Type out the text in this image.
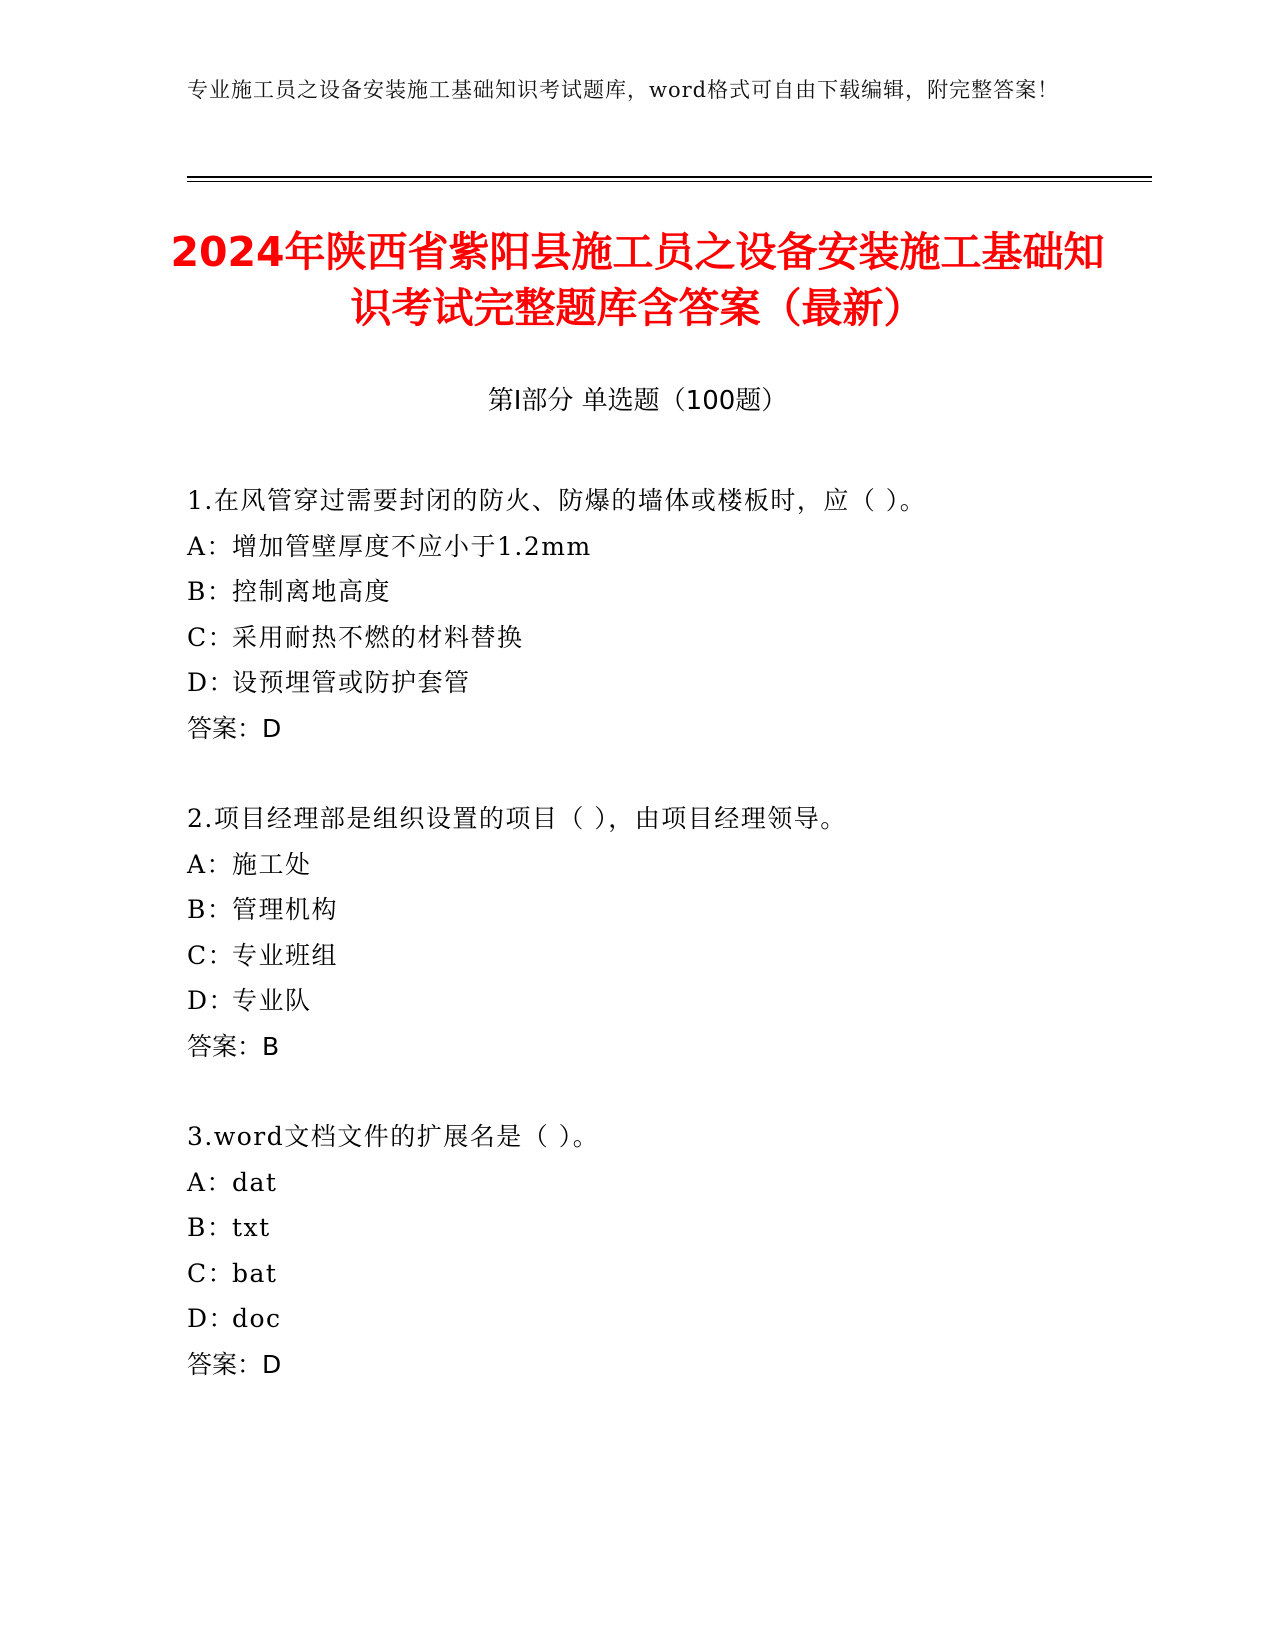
专业施工员之设备安装施工基础知识考试题库，word格式可自由下载编辑，附完整答案！
2024年陕西省紫阳县施工员之设备安装施工基础知识考试完整题库含答案（最新）
第Ⅰ部分 单选题（100题）
1.在风管穿过需要封闭的防火、防爆的墙体或楼板时，应（ ）。
A：增加管壁厚度不应小于1.2mm
B：控制离地高度
C：采用耐热不燃的材料替换
D：设预埋管或防护套管
答案：D
2.项目经理部是组织设置的项目（ ），由项目经理领导。
A：施工处
B：管理机构
C：专业班组
D：专业队
答案：B
3.word文档文件的扩展名是（ ）。
A：dat
B：txt
C：bat
D：doc
答案：D
